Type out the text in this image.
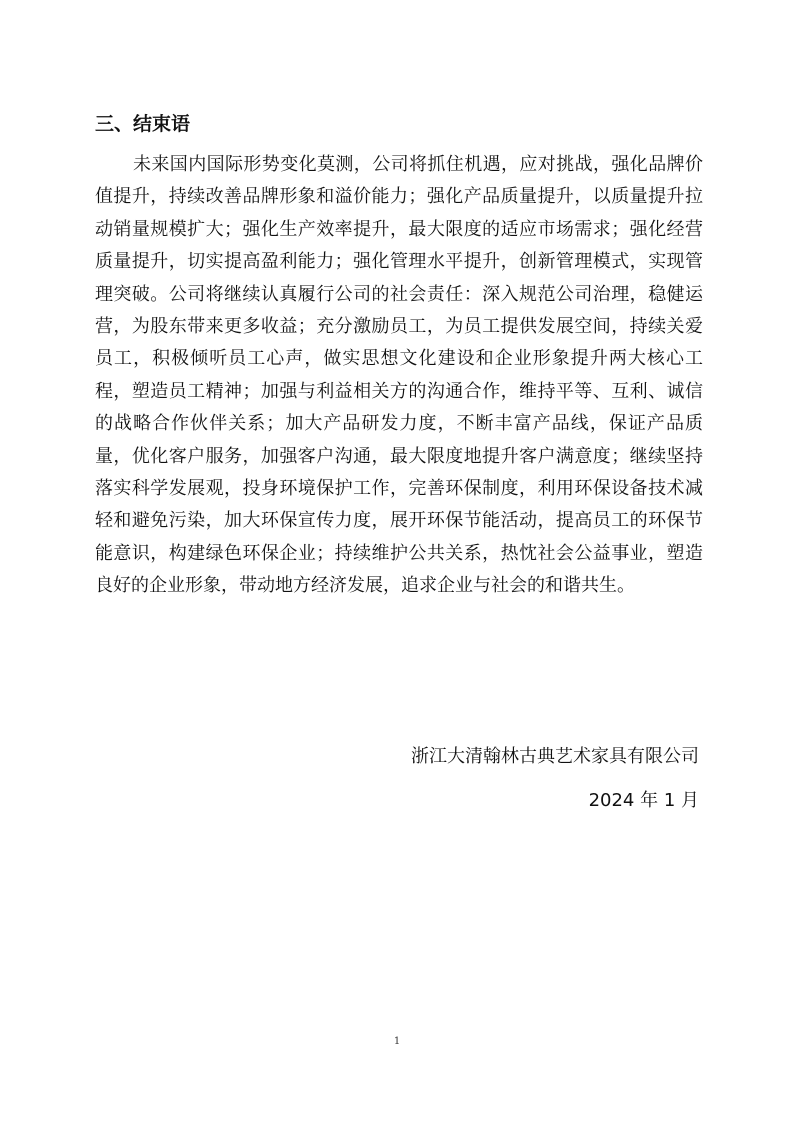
三、结束语

未来国内国际形势变化莫测，公司将抓住机遇，应对挑战，强化品牌价值提升，持续改善品牌形象和溢价能力；强化产品质量提升，以质量提升拉动销量规模扩大；强化生产效率提升，最大限度的适应市场需求；强化经营质量提升，切实提高盈利能力；强化管理水平提升，创新管理模式，实现管理突破。公司将继续认真履行公司的社会责任：深入规范公司治理，稳健运营，为股东带来更多收益；充分激励员工，为员工提供发展空间，持续关爱员工，积极倾听员工心声，做实思想文化建设和企业形象提升两大核心工程，塑造员工精神；加强与利益相关方的沟通合作，维持平等、互利、诚信的战略合作伙伴关系；加大产品研发力度，不断丰富产品线，保证产品质量，优化客户服务，加强客户沟通，最大限度地提升客户满意度；继续坚持落实科学发展观，投身环境保护工作，完善环保制度，利用环保设备技术减轻和避免污染，加大环保宣传力度，展开环保节能活动，提高员工的环保节能意识，构建绿色环保企业；持续维护公共关系，热忱社会公益事业，塑造良好的企业形象，带动地方经济发展，追求企业与社会的和谐共生。

浙江大清翰林古典艺术家具有限公司
2024 年 1 月
1
